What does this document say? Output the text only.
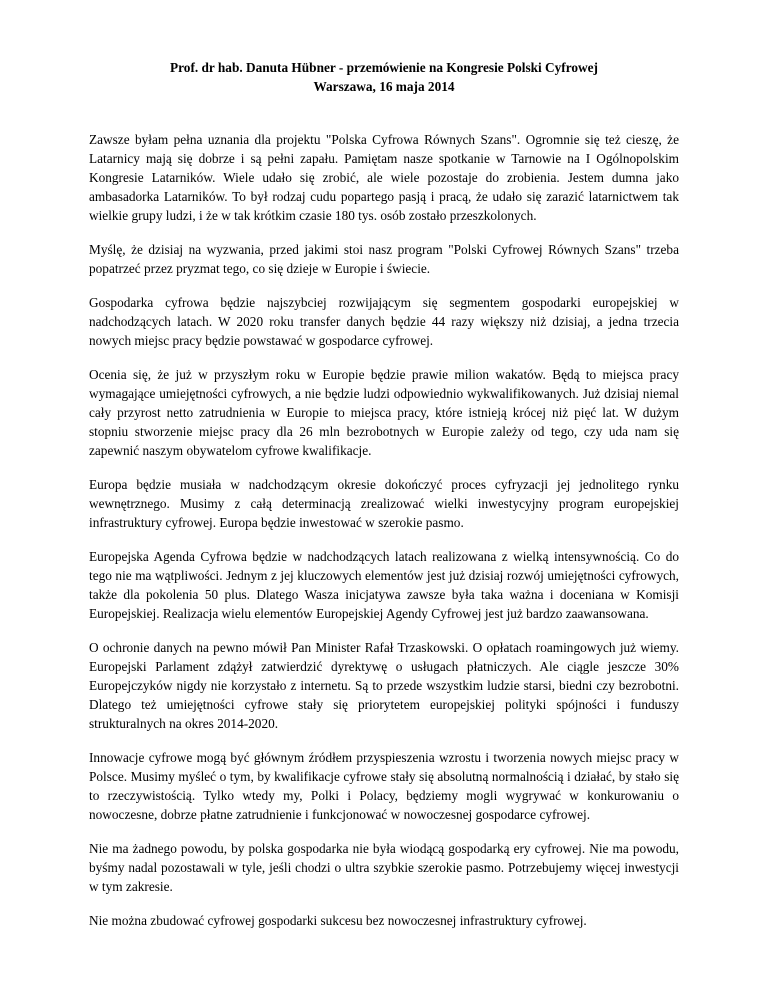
Prof. dr hab. Danuta Hübner - przemówienie na Kongresie Polski Cyfrowej
Warszawa, 16 maja 2014

Zawsze byłam pełna uznania dla projektu "Polska Cyfrowa Równych Szans". Ogromnie się też cieszę, że Latarnicy mają się dobrze i są pełni zapału. Pamiętam nasze spotkanie w Tarnowie na I Ogólnopolskim Kongresie Latarników. Wiele udało się zrobić, ale wiele pozostaje do zrobienia. Jestem dumna jako ambasadorka Latarników. To był rodzaj cudu popartego pasją i pracą, że udało się zarazić latarnictwem tak wielkie grupy ludzi, i że w tak krótkim czasie 180 tys. osób zostało przeszkolonych.

Myślę, że dzisiaj na wyzwania, przed jakimi stoi nasz program "Polski Cyfrowej Równych Szans" trzeba popatrzeć przez pryzmat tego, co się dzieje w Europie i świecie.

Gospodarka cyfrowa będzie najszybciej rozwijającym się segmentem gospodarki europejskiej w nadchodzących latach. W 2020 roku transfer danych będzie 44 razy większy niż dzisiaj, a jedna trzecia nowych miejsc pracy będzie powstawać w gospodarce cyfrowej.

Ocenia się, że już w przyszłym roku w Europie będzie prawie milion wakatów. Będą to miejsca pracy wymagające umiejętności cyfrowych, a nie będzie ludzi odpowiednio wykwalifikowanych. Już dzisiaj niemal cały przyrost netto zatrudnienia w Europie to miejsca pracy, które istnieją krócej niż pięć lat. W dużym stopniu stworzenie miejsc pracy dla 26 mln bezrobotnych w Europie zależy od tego, czy uda nam się zapewnić naszym obywatelom cyfrowe kwalifikacje.

Europa będzie musiała w nadchodzącym okresie dokończyć proces cyfryzacji jej jednolitego rynku wewnętrznego. Musimy z całą determinacją zrealizować wielki inwestycyjny program europejskiej infrastruktury cyfrowej. Europa będzie inwestować w szerokie pasmo.

Europejska Agenda Cyfrowa będzie w nadchodzących latach realizowana z wielką intensywnością. Co do tego nie ma wątpliwości. Jednym z jej kluczowych elementów jest już dzisiaj rozwój umiejętności cyfrowych, także dla pokolenia 50 plus. Dlatego Wasza inicjatywa zawsze była taka ważna i doceniana w Komisji Europejskiej. Realizacja wielu elementów Europejskiej Agendy Cyfrowej jest już bardzo zaawansowana.

O ochronie danych na pewno mówił Pan Minister Rafał Trzaskowski. O opłatach roamingowych już wiemy. Europejski Parlament zdążył zatwierdzić dyrektywę o usługach płatniczych. Ale ciągle jeszcze 30% Europejczyków nigdy nie korzystało z internetu. Są to przede wszystkim ludzie starsi, biedni czy bezrobotni. Dlatego też umiejętności cyfrowe stały się priorytetem europejskiej polityki spójności i funduszy strukturalnych na okres 2014-2020.

Innowacje cyfrowe mogą być głównym źródłem przyspieszenia wzrostu i tworzenia nowych miejsc pracy w Polsce. Musimy myśleć o tym, by kwalifikacje cyfrowe stały się absolutną normalnością i działać, by stało się to rzeczywistością. Tylko wtedy my, Polki i Polacy, będziemy mogli wygrywać w konkurowaniu o nowoczesne, dobrze płatne zatrudnienie i funkcjonować w nowoczesnej gospodarce cyfrowej.

Nie ma żadnego powodu, by polska gospodarka nie była wiodącą gospodarką ery cyfrowej. Nie ma powodu, byśmy nadal pozostawali w tyle, jeśli chodzi o ultra szybkie szerokie pasmo. Potrzebujemy więcej inwestycji w tym zakresie.

Nie można zbudować cyfrowej gospodarki sukcesu bez nowoczesnej infrastruktury cyfrowej.
